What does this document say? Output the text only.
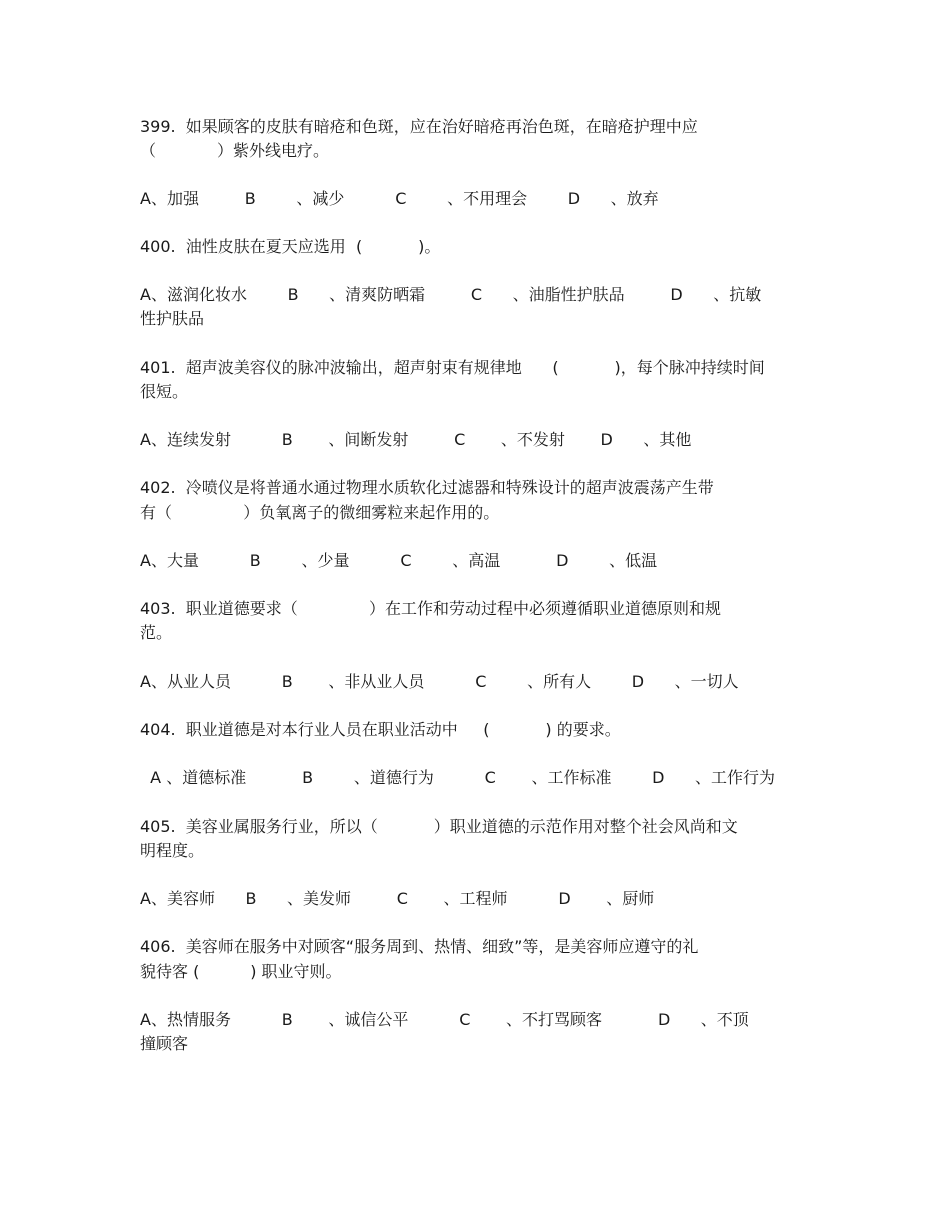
399.  如果顾客的皮肤有暗疮和色斑，应在治好暗疮再治色斑，在暗疮护理中应
（            ）紫外线电疗。
A、加强         B        、减少          C        、不用理会        D      、放弃
400.  油性皮肤在夏天应选用  (           )。
A、滋润化妆水        B      、清爽防晒霜         C      、油脂性护肤品         D      、抗敏
性护肤品
401.  超声波美容仪的脉冲波输出，超声射束有规律地      (           )，每个脉冲持续时间
很短。
A、连续发射          B       、间断发射         C       、不发射       D      、其他
402.  冷喷仪是将普通水通过物理水质软化过滤器和特殊设计的超声波震荡产生带
有（              ）负氧离子的微细雾粒来起作用的。
A、大量          B        、少量          C        、高温           D        、低温
403.  职业道德要求（              ）在工作和劳动过程中必须遵循职业道德原则和规
范。
A、从业人员          B       、非从业人员          C        、所有人        D      、一切人
404.  职业道德是对本行业人员在职业活动中     (           ) 的要求。
A 、道德标准           B        、道德行为          C       、工作标准        D      、工作行为
405.  美容业属服务行业，所以（           ）职业道德的示范作用对整个社会风尚和文
明程度。
A、美容师      B      、美发师         C       、工程师          D       、厨师
406.  美容师在服务中对顾客“服务周到、热情、细致”等，是美容师应遵守的礼
貌待客 (          ) 职业守则。
A、热情服务          B       、诚信公平          C       、不打骂顾客           D      、不顶
撞顾客
